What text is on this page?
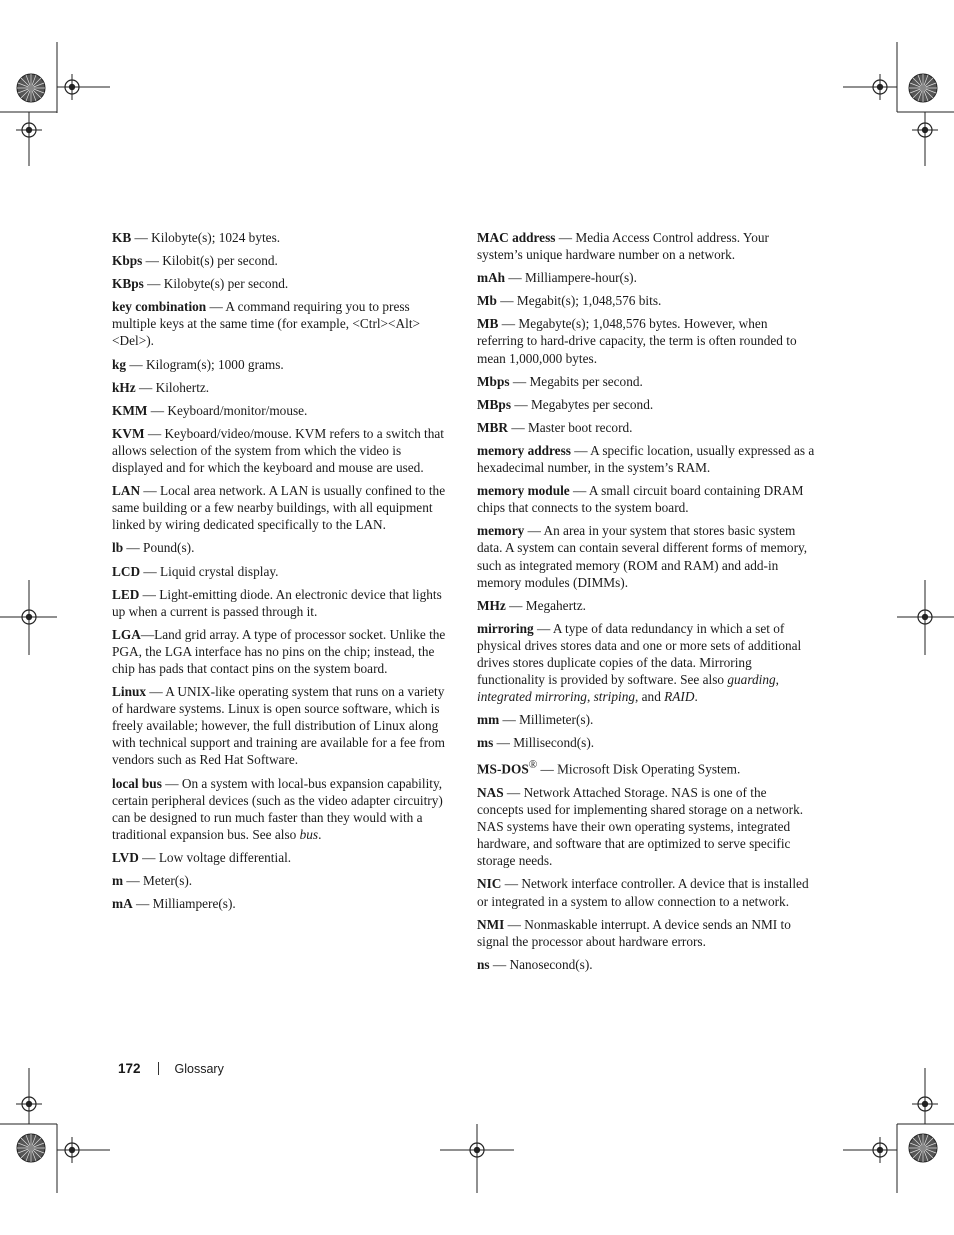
KB — Kilobyte(s); 1024 bytes.
Kbps — Kilobit(s) per second.
KBps — Kilobyte(s) per second.
key combination — A command requiring you to press multiple keys at the same time (for example, <Ctrl><Alt><Del>).
kg — Kilogram(s); 1000 grams.
kHz — Kilohertz.
KMM — Keyboard/monitor/mouse.
KVM — Keyboard/video/mouse. KVM refers to a switch that allows selection of the system from which the video is displayed and for which the keyboard and mouse are used.
LAN — Local area network. A LAN is usually confined to the same building or a few nearby buildings, with all equipment linked by wiring dedicated specifically to the LAN.
lb — Pound(s).
LCD — Liquid crystal display.
LED — Light-emitting diode. An electronic device that lights up when a current is passed through it.
LGA—Land grid array. A type of processor socket. Unlike the PGA, the LGA interface has no pins on the chip; instead, the chip has pads that contact pins on the system board.
Linux — A UNIX-like operating system that runs on a variety of hardware systems. Linux is open source software, which is freely available; however, the full distribution of Linux along with technical support and training are available for a fee from vendors such as Red Hat Software.
local bus — On a system with local-bus expansion capability, certain peripheral devices (such as the video adapter circuitry) can be designed to run much faster than they would with a traditional expansion bus. See also bus.
LVD — Low voltage differential.
m — Meter(s).
mA — Milliampere(s).
MAC address — Media Access Control address. Your system’s unique hardware number on a network.
mAh — Milliampere-hour(s).
Mb — Megabit(s); 1,048,576 bits.
MB — Megabyte(s); 1,048,576 bytes. However, when referring to hard-drive capacity, the term is often rounded to mean 1,000,000 bytes.
Mbps — Megabits per second.
MBps — Megabytes per second.
MBR — Master boot record.
memory address — A specific location, usually expressed as a hexadecimal number, in the system’s RAM.
memory module — A small circuit board containing DRAM chips that connects to the system board.
memory — An area in your system that stores basic system data. A system can contain several different forms of memory, such as integrated memory (ROM and RAM) and add-in memory modules (DIMMs).
MHz — Megahertz.
mirroring — A type of data redundancy in which a set of physical drives stores data and one or more sets of additional drives stores duplicate copies of the data. Mirroring functionality is provided by software. See also guarding, integrated mirroring, striping, and RAID.
mm — Millimeter(s).
ms — Millisecond(s).
MS-DOS® — Microsoft Disk Operating System.
NAS — Network Attached Storage. NAS is one of the concepts used for implementing shared storage on a network. NAS systems have their own operating systems, integrated hardware, and software that are optimized to serve specific storage needs.
NIC — Network interface controller. A device that is installed or integrated in a system to allow connection to a network.
NMI — Nonmaskable interrupt. A device sends an NMI to signal the processor about hardware errors.
ns — Nanosecond(s).
172	Glossary
